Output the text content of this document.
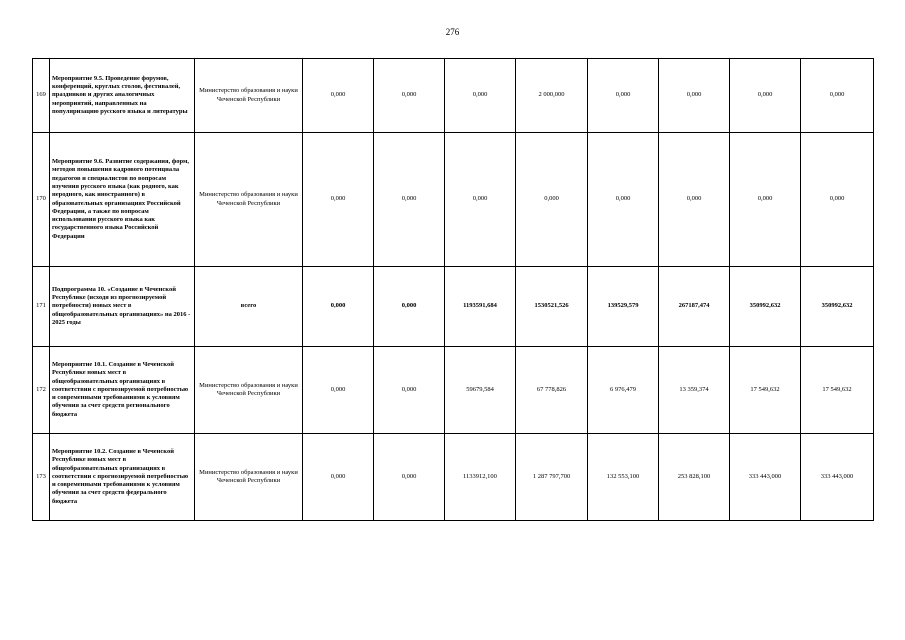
276
169	Мероприятие 9.5. Проведение форумов, конференций, круглых столов, фестивалей, праздников и других аналогичных мероприятий, направленных на популяризацию русского языка и литературы	Министерство образования и науки Чеченской Республики	0,000	0,000	0,000	2 000,000	0,000	0,000	0,000	0,000
170	Мероприятие 9.6. Развитие содержания, форм, методов повышения кадрового потенциала педагогов и специалистов по вопросам изучения русского языка (как родного, как неродного, как иностранного) в образовательных организациях Российской Федерации, а также по вопросам использования русского языка как государственного языка Российской Федерации	Министерство образования и науки Чеченской Республики	0,000	0,000	0,000	0,000	0,000	0,000	0,000	0,000
171	Подпрограмма 10. «Создание в Чеченской Республике (исходя из прогнозируемой потребности) новых мест в общеобразовательных организациях» на 2016 - 2025 годы	всего	0,000	0,000	1193591,684	1530521,526	139529,579	267187,474	350992,632	350992,632
172	Мероприятие 10.1. Создание в Чеченской Республике новых мест в общеобразовательных организациях в соответствии с прогнозируемой потребностью и современными требованиями к условиям обучения за счет средств регионального бюджета	Министерство образования и науки Чеченской Республики	0,000	0,000	59679,584	67 778,826	6 976,479	13 359,374	17 549,632	17 549,632
173	Мероприятие 10.2. Создание в Чеченской Республике новых мест в общеобразовательных организациях в соответствии с прогнозируемой потребностью и современными требованиями к условиям обучения за счет средств федерального бюджета	Министерство образования и науки Чеченской Республики	0,000	0,000	1133912,100	1 287 797,700	132 553,100	253 828,100	333 443,000	333 443,000
